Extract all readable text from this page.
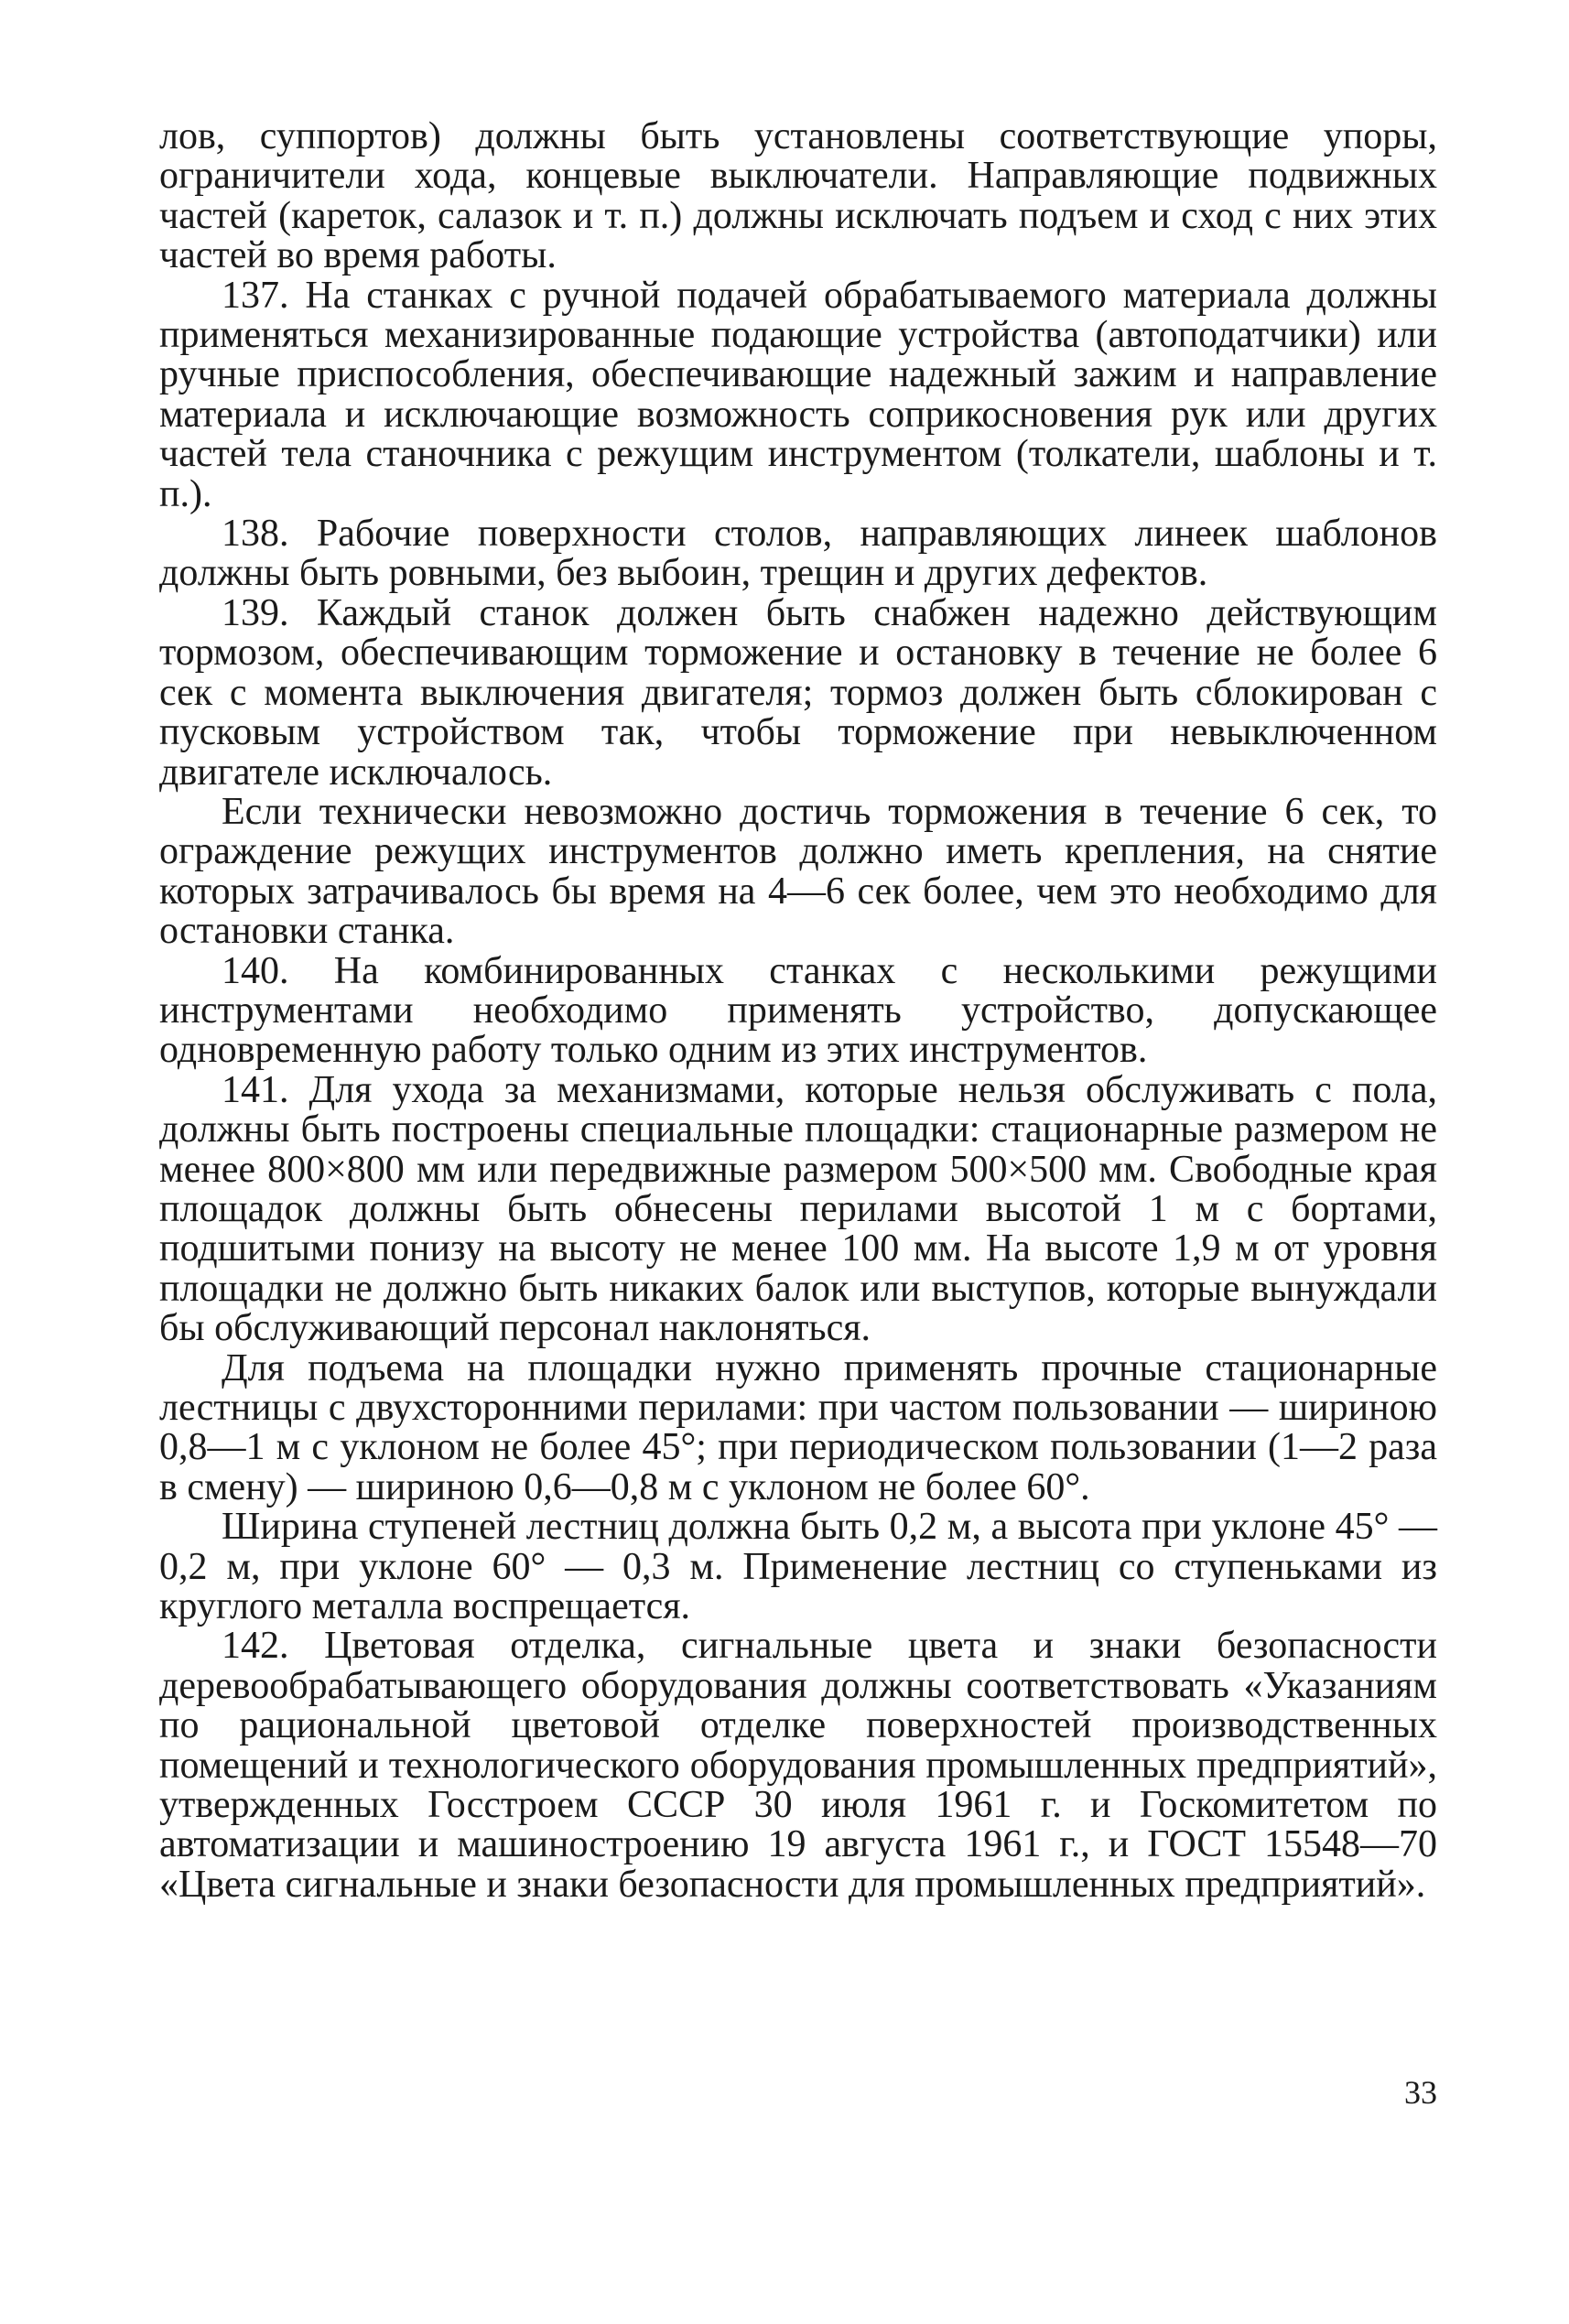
лов, суппортов) должны быть установлены соответствующие упоры, ограничители хода, концевые выключатели. Направляющие подвижных частей (кареток, салазок и т. п.) должны исключать подъем и сход с них этих частей во время работы.

137. На станках с ручной подачей обрабатываемого материала должны применяться механизированные подающие устройства (автоподатчики) или ручные приспособления, обеспечивающие надежный зажим и направление материала и исключающие возможность соприкосновения рук или других частей тела станочника с режущим инструментом (толкатели, шаблоны и т. п.).

138. Рабочие поверхности столов, направляющих линеек шаблонов должны быть ровными, без выбоин, трещин и других дефектов.

139. Каждый станок должен быть снабжен надежно действующим тормозом, обеспечивающим торможение и остановку в течение не более 6 сек с момента выключения двигателя; тормоз должен быть сблокирован с пусковым устройством так, чтобы торможение при невыключенном двигателе исключалось.

Если технически невозможно достичь торможения в течение 6 сек, то ограждение режущих инструментов должно иметь крепления, на снятие которых затрачивалось бы время на 4—6 сек более, чем это необходимо для остановки станка.

140. На комбинированных станках с несколькими режущими инструментами необходимо применять устройство, допускающее одновременную работу только одним из этих инструментов.

141. Для ухода за механизмами, которые нельзя обслуживать с пола, должны быть построены специальные площадки: стационарные размером не менее 800×800 мм или передвижные размером 500×500 мм. Свободные края площадок должны быть обнесены перилами высотой 1 м с бортами, подшитыми понизу на высоту не менее 100 мм. На высоте 1,9 м от уровня площадки не должно быть никаких балок или выступов, которые вынуждали бы обслуживающий персонал наклоняться.

Для подъема на площадки нужно применять прочные стационарные лестницы с двухсторонними перилами: при частом пользовании — шириною 0,8—1 м с уклоном не более 45°; при периодическом пользовании (1—2 раза в смену) — шириною 0,6—0,8 м с уклоном не более 60°.

Ширина ступеней лестниц должна быть 0,2 м, а высота при уклоне 45° — 0,2 м, при уклоне 60° — 0,3 м. Применение лестниц со ступеньками из круглого металла воспрещается.

142. Цветовая отделка, сигнальные цвета и знаки безопасности деревообрабатывающего оборудования должны соответствовать «Указаниям по рациональной цветовой отделке поверхностей производственных помещений и технологического оборудования промышленных предприятий», утвержденных Госстроем СССР 30 июля 1961 г. и Госкомитетом по автоматизации и машиностроению 19 августа 1961 г., и ГОСТ 15548—70 «Цвета сигнальные и знаки безопасности для промышленных предприятий».

33
